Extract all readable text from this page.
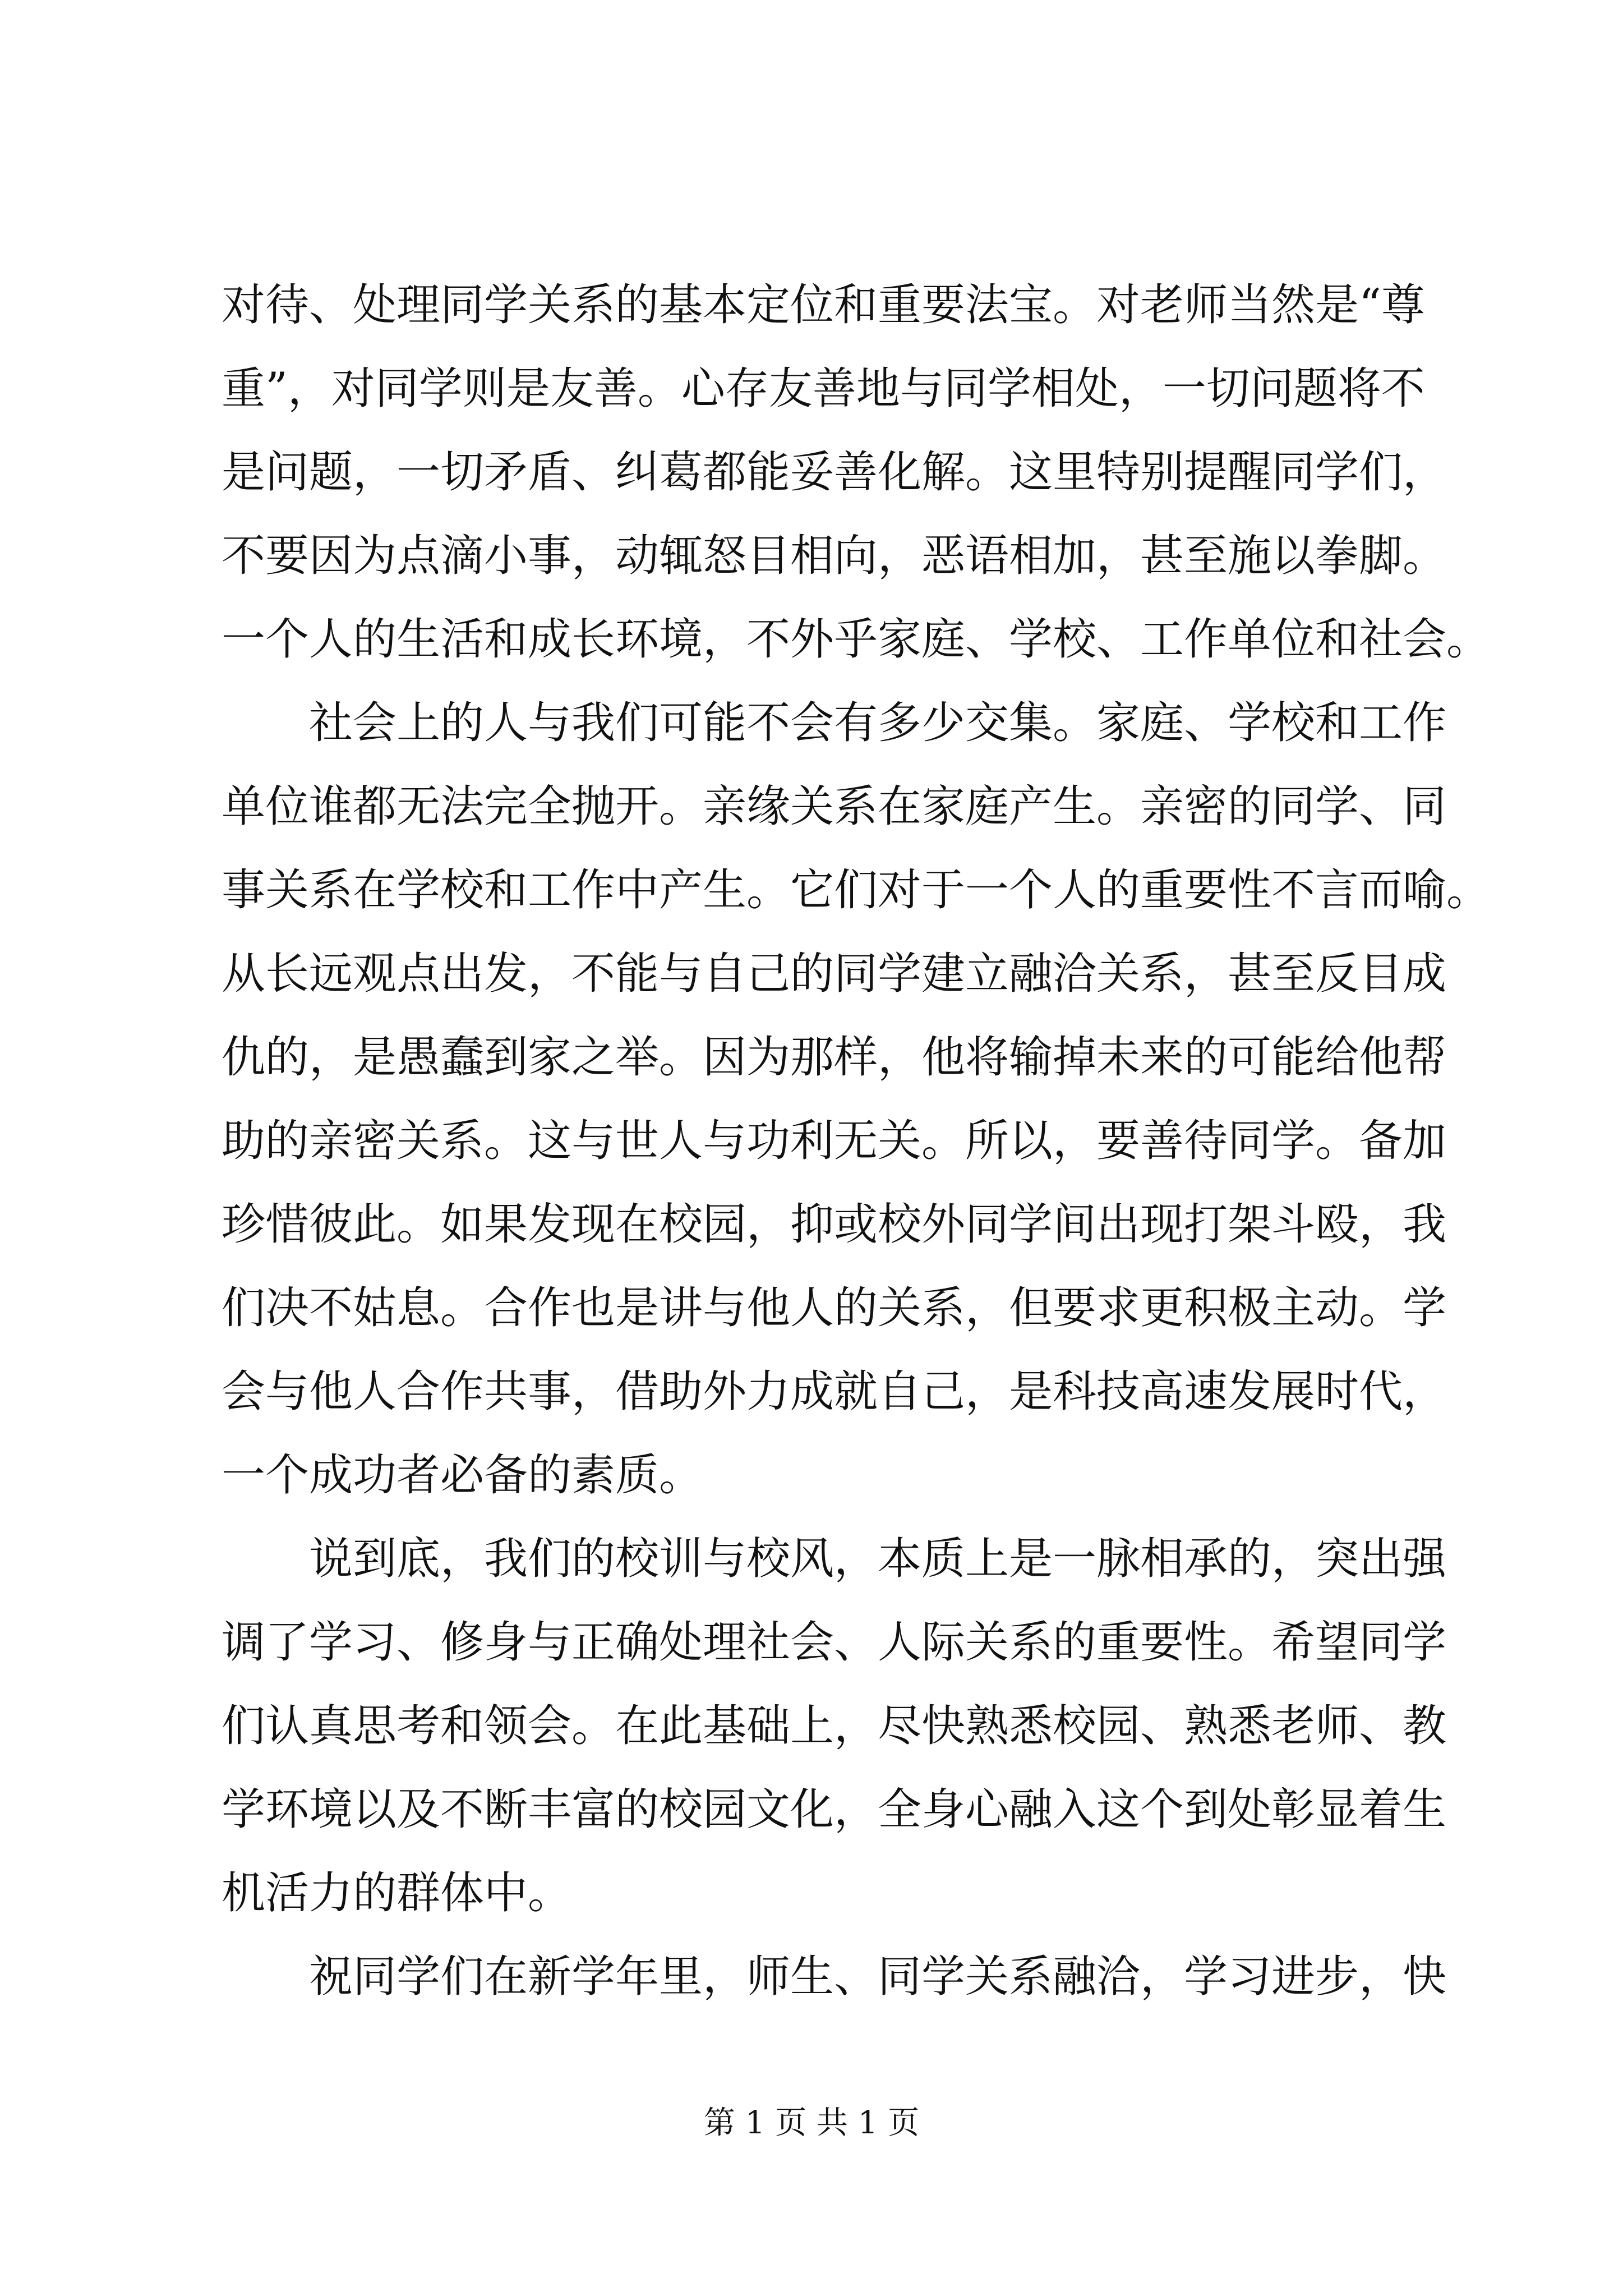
对待、处理同学关系的基本定位和重要法宝。对老师当然是“尊
重”，对同学则是友善。心存友善地与同学相处，一切问题将不
是问题，一切矛盾、纠葛都能妥善化解。这里特别提醒同学们，
不要因为点滴小事，动辄怒目相向，恶语相加，甚至施以拳脚。
一个人的生活和成长环境，不外乎家庭、学校、工作单位和社会。
社会上的人与我们可能不会有多少交集。家庭、学校和工作
单位谁都无法完全抛开。亲缘关系在家庭产生。亲密的同学、同
事关系在学校和工作中产生。它们对于一个人的重要性不言而喻。
从长远观点出发，不能与自己的同学建立融洽关系，甚至反目成
仇的，是愚蠢到家之举。因为那样，他将输掉未来的可能给他帮
助的亲密关系。这与世人与功利无关。所以，要善待同学。备加
珍惜彼此。如果发现在校园，抑或校外同学间出现打架斗殴，我
们决不姑息。合作也是讲与他人的关系，但要求更积极主动。学
会与他人合作共事，借助外力成就自己，是科技高速发展时代，
一个成功者必备的素质。
说到底，我们的校训与校风，本质上是一脉相承的，突出强
调了学习、修身与正确处理社会、人际关系的重要性。希望同学
们认真思考和领会。在此基础上，尽快熟悉校园、熟悉老师、教
学环境以及不断丰富的校园文化，全身心融入这个到处彰显着生
机活力的群体中。
祝同学们在新学年里，师生、同学关系融洽，学习进步，快
第 1 页 共 1 页
